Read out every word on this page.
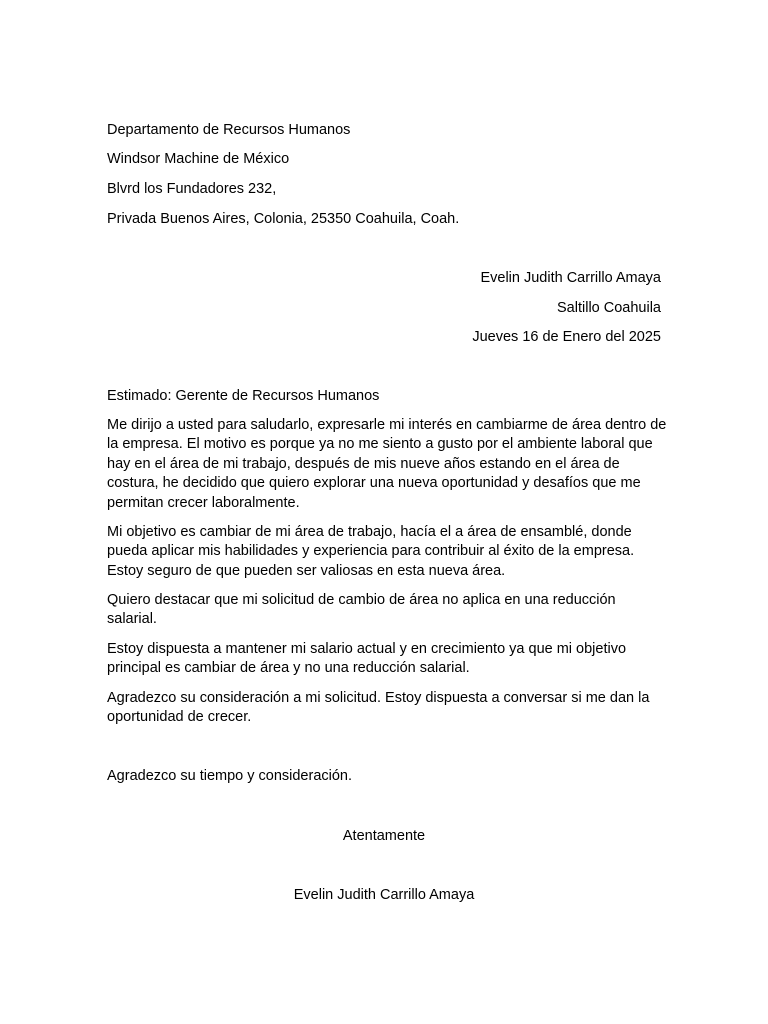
Departamento de Recursos Humanos
Windsor Machine de México
Blvrd los Fundadores 232,
Privada Buenos Aires, Colonia, 25350 Coahuila, Coah.
Evelin Judith Carrillo Amaya
Saltillo Coahuila
Jueves 16 de Enero del 2025
Estimado: Gerente de Recursos Humanos
Me dirijo a usted para saludarlo, expresarle mi interés en cambiarme de área dentro de la empresa. El motivo es porque ya no me siento a gusto por el ambiente laboral que hay en el área de mi trabajo, después de mis nueve años estando en el área de costura, he decidido que quiero explorar una nueva oportunidad y desafíos que me permitan crecer laboralmente.
Mi objetivo es cambiar de mi área de trabajo, hacía el a área de ensamblé, donde pueda aplicar mis habilidades y experiencia para contribuir al éxito de la empresa. Estoy seguro de que pueden ser valiosas en esta nueva área.
Quiero destacar que mi solicitud de cambio de área no aplica en una reducción salarial.
Estoy dispuesta a mantener mi salario actual y en crecimiento ya que mi objetivo principal es cambiar de área y no una reducción salarial.
Agradezco su consideración a mi solicitud. Estoy dispuesta a conversar si me dan la oportunidad de crecer.
Agradezco su tiempo y consideración.
Atentamente
Evelin Judith Carrillo Amaya
